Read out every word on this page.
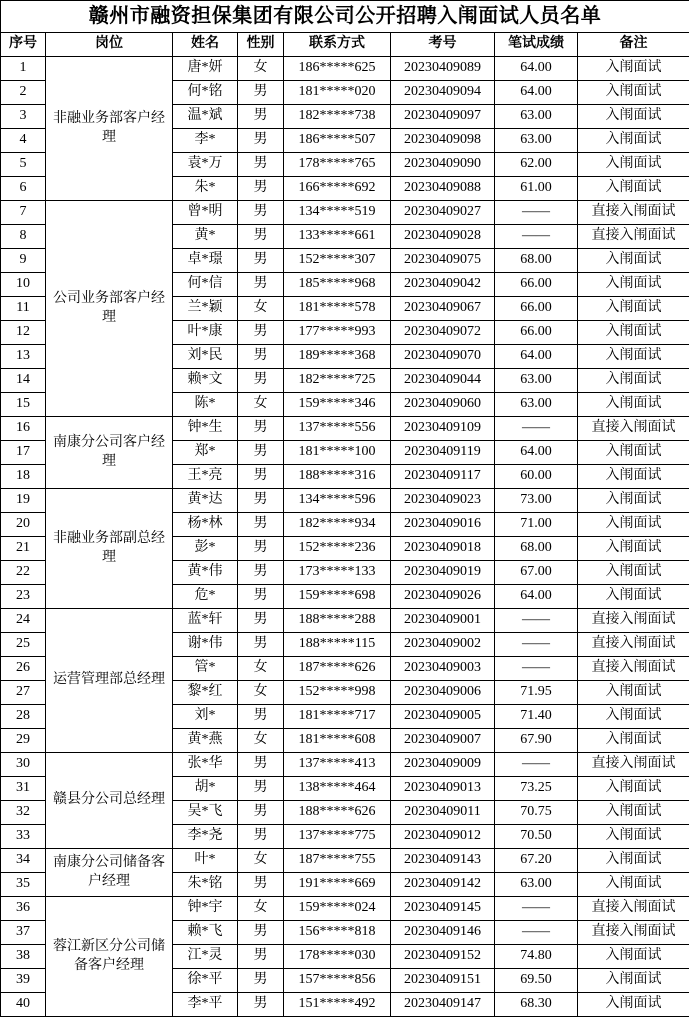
赣州市融资担保集团有限公司公开招聘入闱面试人员名单							
序号	岗位	姓名	性别	联系方式	考号	笔试成绩	备注
1	非融业务部客户经理	唐*妍	女	186*****625	20230409089	64.00	入闱面试
2		何*铭	男	181*****020	20230409094	64.00	入闱面试
3		温*斌	男	182*****738	20230409097	63.00	入闱面试
4		李*	男	186*****507	20230409098	63.00	入闱面试
5		袁*万	男	178*****765	20230409090	62.00	入闱面试
6		朱*	男	166*****692	20230409088	61.00	入闱面试
7	公司业务部客户经理	曾*明	男	134*****519	20230409027	——	直接入闱面试
8		黄*	男	133*****661	20230409028	——	直接入闱面试
9		卓*璟	男	152*****307	20230409075	68.00	入闱面试
10		何*信	男	185*****968	20230409042	66.00	入闱面试
11		兰*颖	女	181*****578	20230409067	66.00	入闱面试
12		叶*康	男	177*****993	20230409072	66.00	入闱面试
13		刘*民	男	189*****368	20230409070	64.00	入闱面试
14		赖*文	男	182*****725	20230409044	63.00	入闱面试
15		陈*	女	159*****346	20230409060	63.00	入闱面试
16	南康分公司客户经理	钟*生	男	137*****556	20230409109	——	直接入闱面试
17		郑*	男	181*****100	20230409119	64.00	入闱面试
18		王*亮	男	188*****316	20230409117	60.00	入闱面试
19	非融业务部副总经理	黄*达	男	134*****596	20230409023	73.00	入闱面试
20		杨*林	男	182*****934	20230409016	71.00	入闱面试
21		彭*	男	152*****236	20230409018	68.00	入闱面试
22		黄*伟	男	173*****133	20230409019	67.00	入闱面试
23		危*	男	159*****698	20230409026	64.00	入闱面试
24	运营管理部总经理	蓝*轩	男	188*****288	20230409001	——	直接入闱面试
25		谢*伟	男	188*****115	20230409002	——	直接入闱面试
26		管*	女	187*****626	20230409003	——	直接入闱面试
27		黎*红	女	152*****998	20230409006	71.95	入闱面试
28		刘*	男	181*****717	20230409005	71.40	入闱面试
29		黄*燕	女	181*****608	20230409007	67.90	入闱面试
30	赣县分公司总经理	张*华	男	137*****413	20230409009	——	直接入闱面试
31		胡*	男	138*****464	20230409013	73.25	入闱面试
32		吴*飞	男	188*****626	20230409011	70.75	入闱面试
33		李*尧	男	137*****775	20230409012	70.50	入闱面试
34	南康分公司储备客户经理	叶*	女	187*****755	20230409143	67.20	入闱面试
35		朱*铭	男	191*****669	20230409142	63.00	入闱面试
36	蓉江新区分公司储备客户经理	钟*宇	女	159*****024	20230409145	——	直接入闱面试
37		赖*飞	男	156*****818	20230409146	——	直接入闱面试
38		江*灵	男	178*****030	20230409152	74.80	入闱面试
39		徐*平	男	157*****856	20230409151	69.50	入闱面试
40		李*平	男	151*****492	20230409147	68.30	入闱面试
